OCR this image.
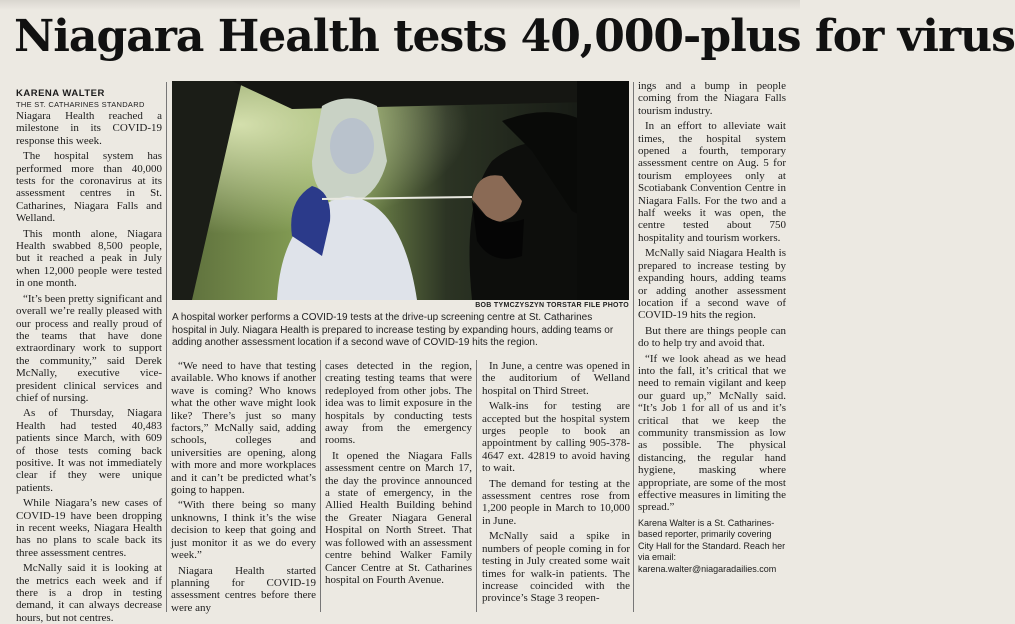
Niagara Health tests 40,000-plus for virus
KARENA WALTER
THE ST. CATHARINES STANDARD

Niagara Health reached a milestone in its COVID-19 response this week.

The hospital system has performed more than 40,000 tests for the coronavirus at its assessment centres in St. Catharines, Niagara Falls and Welland.

This month alone, Niagara Health swabbed 8,500 people, but it reached a peak in July when 12,000 people were tested in one month.

“It’s been pretty significant and overall we’re really pleased with our process and really proud of the teams that have done extraordinary work to support the community,” said Derek McNally, executive vice-president clinical services and chief of nursing.

As of Thursday, Niagara Health had tested 40,483 patients since March, with 609 of those tests coming back positive. It was not immediately clear if they were unique patients.

While Niagara’s new cases of COVID-19 have been dropping in recent weeks, Niagara Health has no plans to scale back its three assessment centres.

McNally said it is looking at the metrics each week and if there is a drop in testing demand, it can always decrease hours, but not centres.

BOB TYMCZYSZYN TORSTAR FILE PHOTO
A hospital worker performs a COVID-19 tests at the drive-up screening centre at St. Catharines hospital in July. Niagara Health is prepared to increase testing by expanding hours, adding teams or adding another assessment location if a second wave of COVID-19 hits the region.

“We need to have that testing available. Who knows if another wave is coming? Who knows what the other wave might look like? There’s just so many factors,” McNally said, adding schools, colleges and universities are opening, along with more and more workplaces and it can’t be predicted what’s going to happen.

“With there being so many unknowns, I think it’s the wise decision to keep that going and just monitor it as we do every week.”

Niagara Health started planning for COVID-19 assessment centres before there were any

cases detected in the region, creating testing teams that were redeployed from other jobs. The idea was to limit exposure in the hospitals by conducting tests away from the emergency rooms.

It opened the Niagara Falls assessment centre on March 17, the day the province announced a state of emergency, in the Allied Health Building behind the Greater Niagara General Hospital on North Street. That was followed with an assessment centre behind Walker Family Cancer Centre at St. Catharines hospital on Fourth Avenue.

In June, a centre was opened in the auditorium of Welland hospital on Third Street.

Walk-ins for testing are accepted but the hospital system urges people to book an appointment by calling 905-378-4647 ext. 42819 to avoid having to wait.

The demand for testing at the assessment centres rose from 1,200 people in March to 10,000 in June.

McNally said a spike in numbers of people coming in for testing in July created some wait times for walk-in patients. The increase coincided with the province’s Stage 3 reopen-

ings and a bump in people coming from the Niagara Falls tourism industry.

In an effort to alleviate wait times, the hospital system opened a fourth, temporary assessment centre on Aug. 5 for tourism employees only at Scotiabank Convention Centre in Niagara Falls. For the two and a half weeks it was open, the centre tested about 750 hospitality and tourism workers.

McNally said Niagara Health is prepared to increase testing by expanding hours, adding teams or adding another assessment location if a second wave of COVID-19 hits the region.

But there are things people can do to help try and avoid that.

“If we look ahead as we head into the fall, it’s critical that we need to remain vigilant and keep our guard up,” McNally said. “It’s Job 1 for all of us and it’s critical that we keep the community transmission as low as possible. The physical distancing, the regular hand hygiene, masking where appropriate, are some of the most effective measures in limiting the spread.”

Karena Walter is a St. Catharines-based reporter, primarily covering City Hall for the Standard. Reach her via email: karena.walter@niagaradailies.com
